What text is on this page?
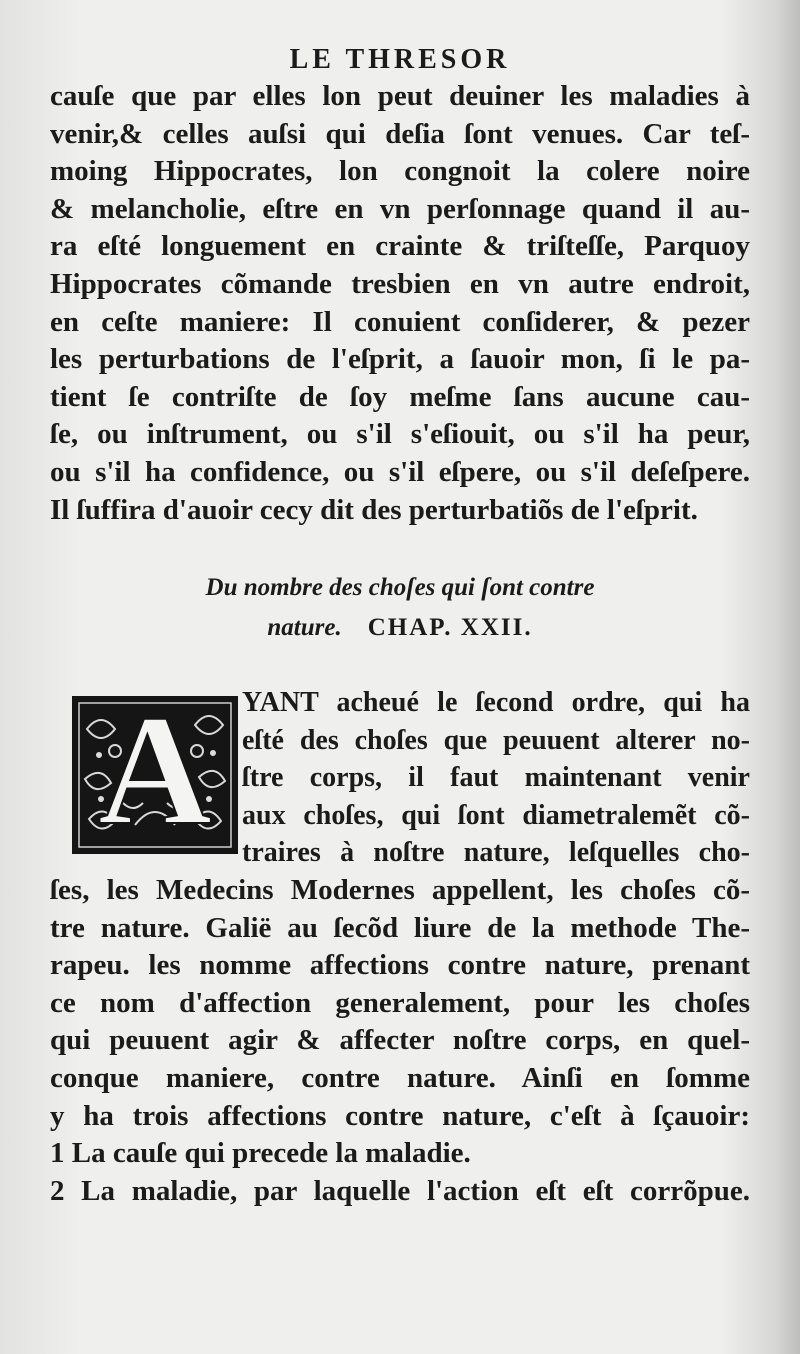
LE THRESOR
cauſe que par elles lon peut deuiner les maladies à
venir,& celles auſsi qui deſia ſont venues. Car teſ-
moing Hippocrates, lon congnoit la colere noire
& melancholie, eſtre en vn perſonnage quand il au-
ra eſté longuement en crainte & triſteſſe, Parquoy
Hippocrates cõmande tresbien en vn autre endroit,
en ceſte maniere: Il conuient conſiderer, & pezer
les perturbations de l'eſprit, a ſauoir mon, ſi le pa-
tient ſe contriſte de ſoy meſme ſans aucune cau-
ſe, ou inſtrument, ou s'il s'eſiouit, ou s'il ha peur,
ou s'il ha confidence, ou s'il eſpere, ou s'il deſeſpere.
Il ſuffira d'auoir cecy dit des perturbatiõs de l'eſprit.
Du nombre des choſes qui ſont contre
nature. CHAP. XXII.
A	YANT acheué le ſecond ordre, qui ha
eſté des choſes que peuuent alterer no-
ſtre corps, il faut maintenant venir
aux choſes, qui ſont diametralemẽt cõ-
traires à noſtre nature, leſquelles cho-
ſes, les Medecins Modernes appellent, les choſes cõ-
tre nature. Galië au ſecõd liure de la methode The-
rapeu. les nomme affections contre nature, prenant
ce nom d'affection generalement, pour les choſes
qui peuuent agir & affecter noſtre corps, en quel-
conque maniere, contre nature. Ainſi en ſomme
y ha trois affections contre nature, c'eſt à ſçauoir:
1 La cauſe qui precede la maladie.
2 La maladie, par laquelle l'action eſt eſt corrõpue.
